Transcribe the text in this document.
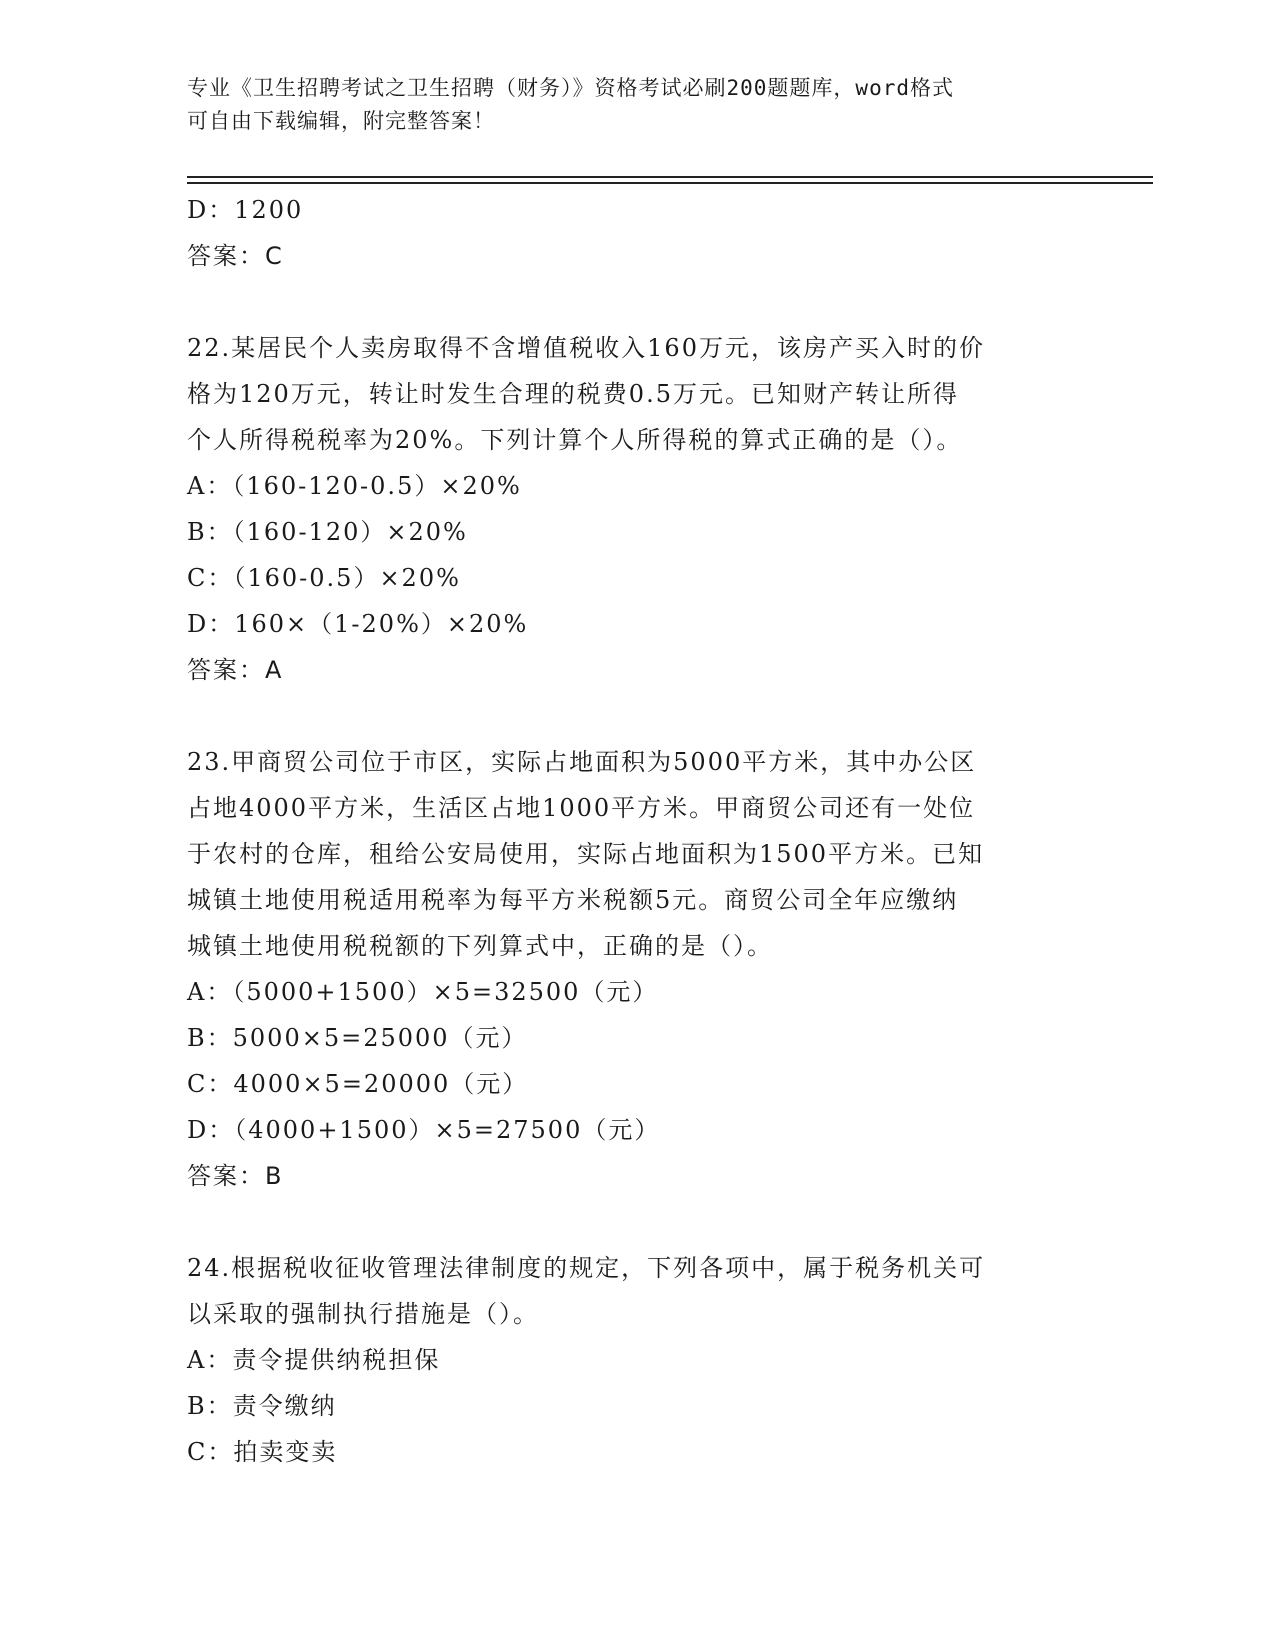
专业《卫生招聘考试之卫生招聘（财务）》资格考试必刷200题题库，word格式
可自由下载编辑，附完整答案！
D：1200
答案：C
22.某居民个人卖房取得不含增值税收入160万元，该房产买入时的价
格为120万元，转让时发生合理的税费0.5万元。已知财产转让所得
个人所得税税率为20%。下列计算个人所得税的算式正确的是（）。
A：（160-120-0.5）×20%
B：（160-120）×20%
C：（160-0.5）×20%
D：160×（1-20%）×20%
答案：A
23.甲商贸公司位于市区，实际占地面积为5000平方米，其中办公区
占地4000平方米，生活区占地1000平方米。甲商贸公司还有一处位
于农村的仓库，租给公安局使用，实际占地面积为1500平方米。已知
城镇土地使用税适用税率为每平方米税额5元。商贸公司全年应缴纳
城镇土地使用税税额的下列算式中，正确的是（）。
A：（5000+1500）×5=32500（元）
B：5000×5=25000（元）
C：4000×5=20000（元）
D：（4000+1500）×5=27500（元）
答案：B
24.根据税收征收管理法律制度的规定，下列各项中，属于税务机关可
以采取的强制执行措施是（）。
A：责令提供纳税担保
B：责令缴纳
C：拍卖变卖
